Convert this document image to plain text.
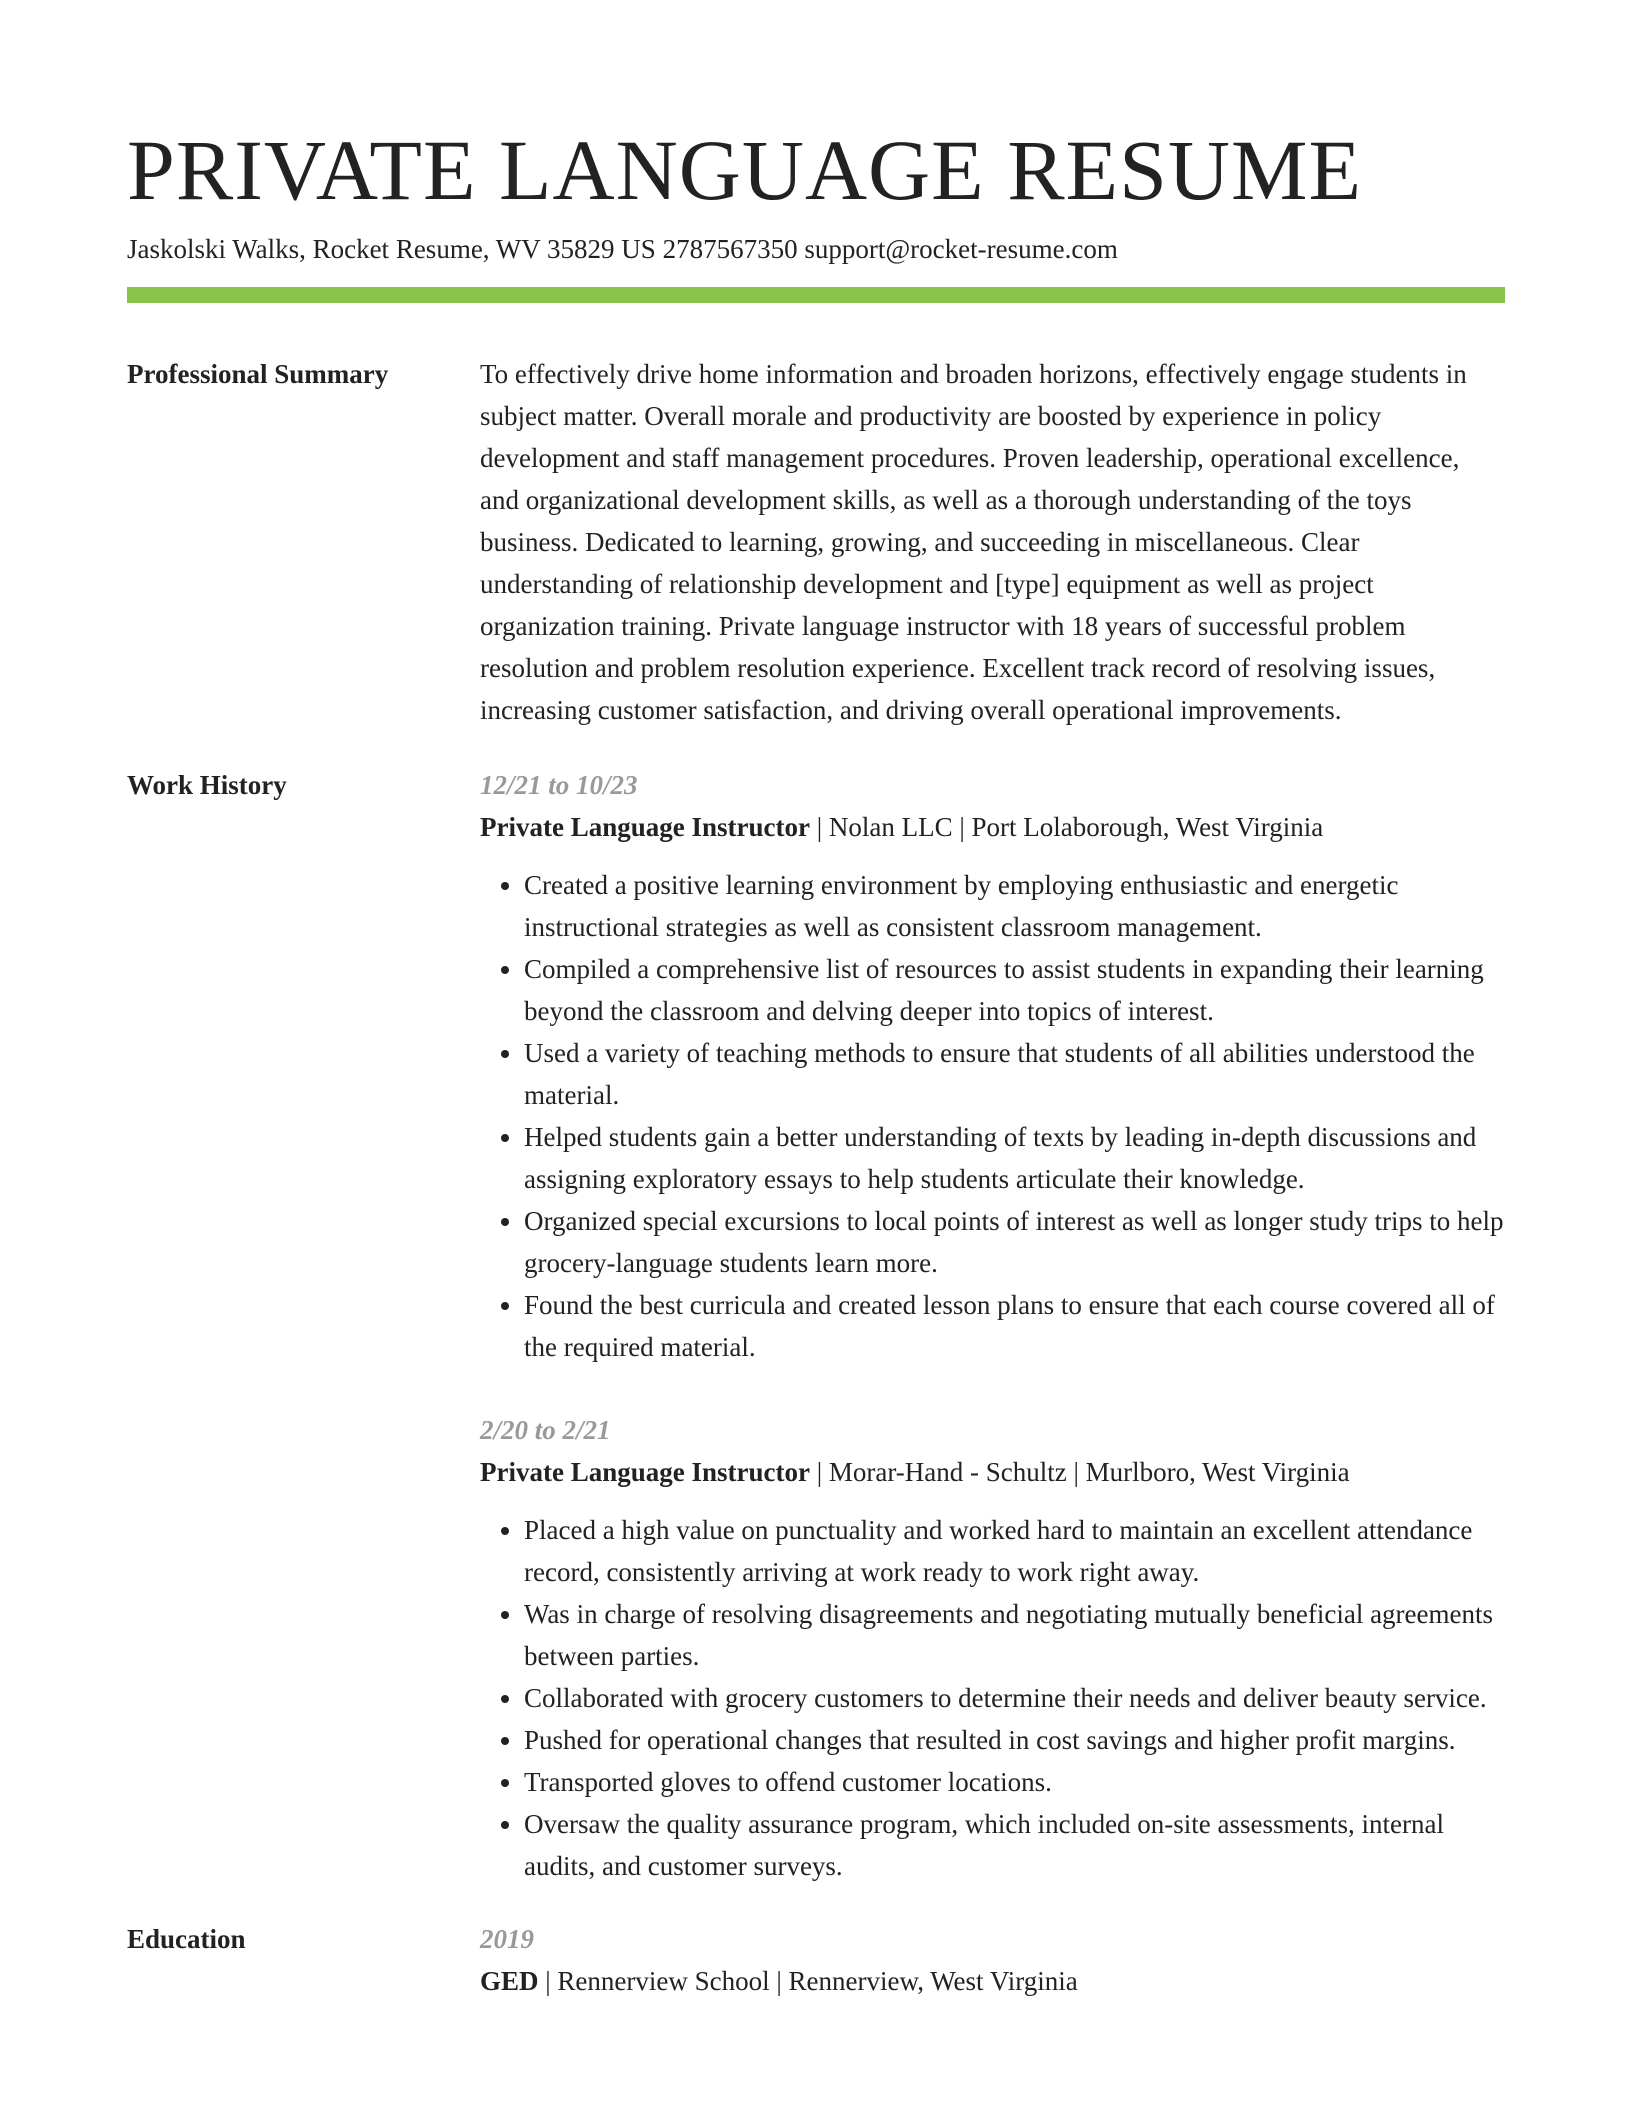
PRIVATE LANGUAGE RESUME
Jaskolski Walks, Rocket Resume, WV 35829 US 2787567350 support@rocket-resume.com
Professional Summary	To effectively drive home information and broaden horizons, effectively engage students in subject matter. Overall morale and productivity are boosted by experience in policy development and staff management procedures. Proven leadership, operational excellence, and organizational development skills, as well as a thorough understanding of the toys business. Dedicated to learning, growing, and succeeding in miscellaneous. Clear understanding of relationship development and [type] equipment as well as project organization training. Private language instructor with 18 years of successful problem resolution and problem resolution experience. Excellent track record of resolving issues, increasing customer satisfaction, and driving overall operational improvements.
Work History	12/21 to 10/23
Private Language Instructor | Nolan LLC | Port Lolaborough, West Virginia
• Created a positive learning environment by employing enthusiastic and energetic instructional strategies as well as consistent classroom management.
• Compiled a comprehensive list of resources to assist students in expanding their learning beyond the classroom and delving deeper into topics of interest.
• Used a variety of teaching methods to ensure that students of all abilities understood the material.
• Helped students gain a better understanding of texts by leading in-depth discussions and assigning exploratory essays to help students articulate their knowledge.
• Organized special excursions to local points of interest as well as longer study trips to help grocery-language students learn more.
• Found the best curricula and created lesson plans to ensure that each course covered all of the required material.
2/20 to 2/21
Private Language Instructor | Morar-Hand - Schultz | Murlboro, West Virginia
• Placed a high value on punctuality and worked hard to maintain an excellent attendance record, consistently arriving at work ready to work right away.
• Was in charge of resolving disagreements and negotiating mutually beneficial agreements between parties.
• Collaborated with grocery customers to determine their needs and deliver beauty service.
• Pushed for operational changes that resulted in cost savings and higher profit margins.
• Transported gloves to offend customer locations.
• Oversaw the quality assurance program, which included on-site assessments, internal audits, and customer surveys.
Education	2019
GED | Rennerview School | Rennerview, West Virginia
